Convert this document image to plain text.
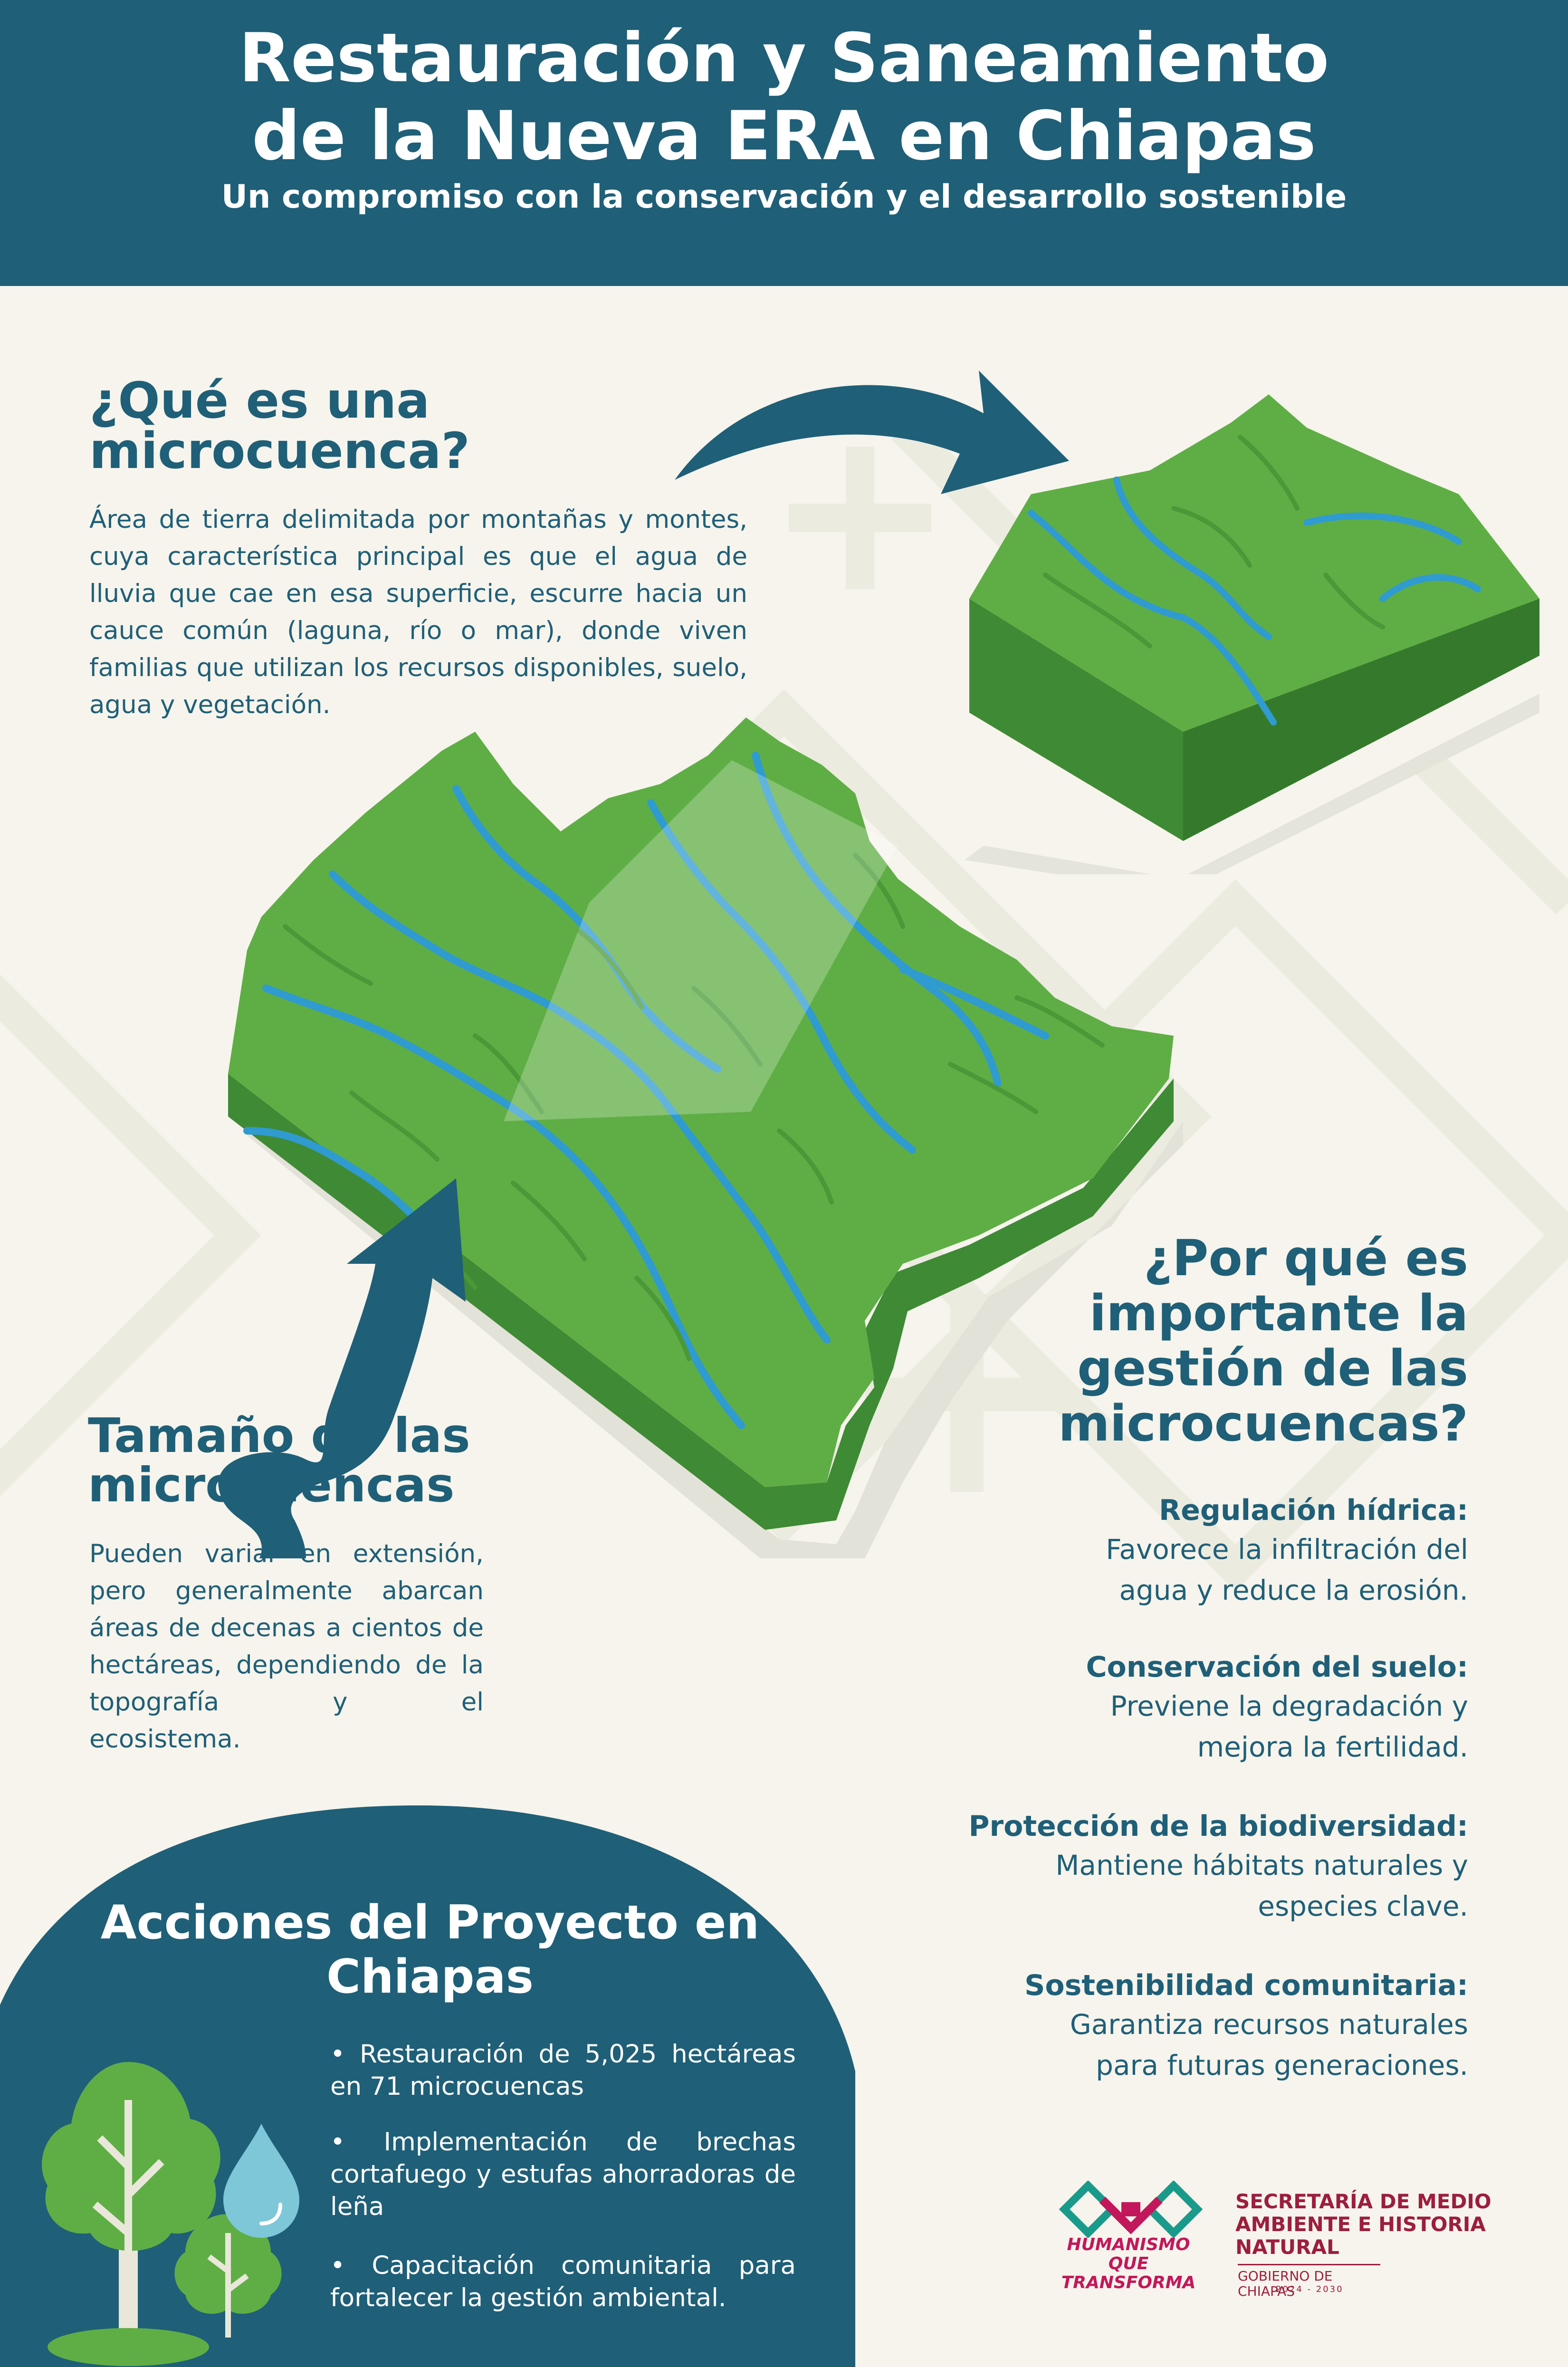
Restauración y Saneamiento
de la Nueva ERA en Chiapas
Un compromiso con la conservación y el desarrollo sostenible
¿Qué es una microcuenca?
Área de tierra delimitada por montañas y montes, cuya característica principal es que el agua de lluvia que cae en esa superficie, escurre hacia un cauce común (laguna, río o mar), donde viven familias que utilizan los recursos disponibles, suelo, agua y vegetación.
Tamaño de las microcuencas
Pueden variar en extensión, pero generalmente abarcan áreas de decenas a cientos de hectáreas, dependiendo de la topografía y el
ecosistema.
¿Por qué es importante la gestión de las microcuencas?
Regulación hídrica:
Favorece la infiltración del agua y reduce la erosión.
Conservación del suelo:
Previene la degradación y mejora la fertilidad.
Protección de la biodiversidad:
Mantiene hábitats naturales y especies clave.
Sostenibilidad comunitaria:
Garantiza recursos naturales para futuras generaciones.
Acciones del Proyecto en Chiapas
• Restauración de 5,025 hectáreas en 71 microcuencas
• Implementación de brechas cortafuego y estufas ahorradoras de leña
• Capacitación comunitaria para fortalecer la gestión ambiental.
HUMANISMO QUE TRANSFORMA
SECRETARÍA DE MEDIO AMBIENTE E HISTORIA NATURAL
GOBIERNO DE CHIAPAS
2024 - 2030
